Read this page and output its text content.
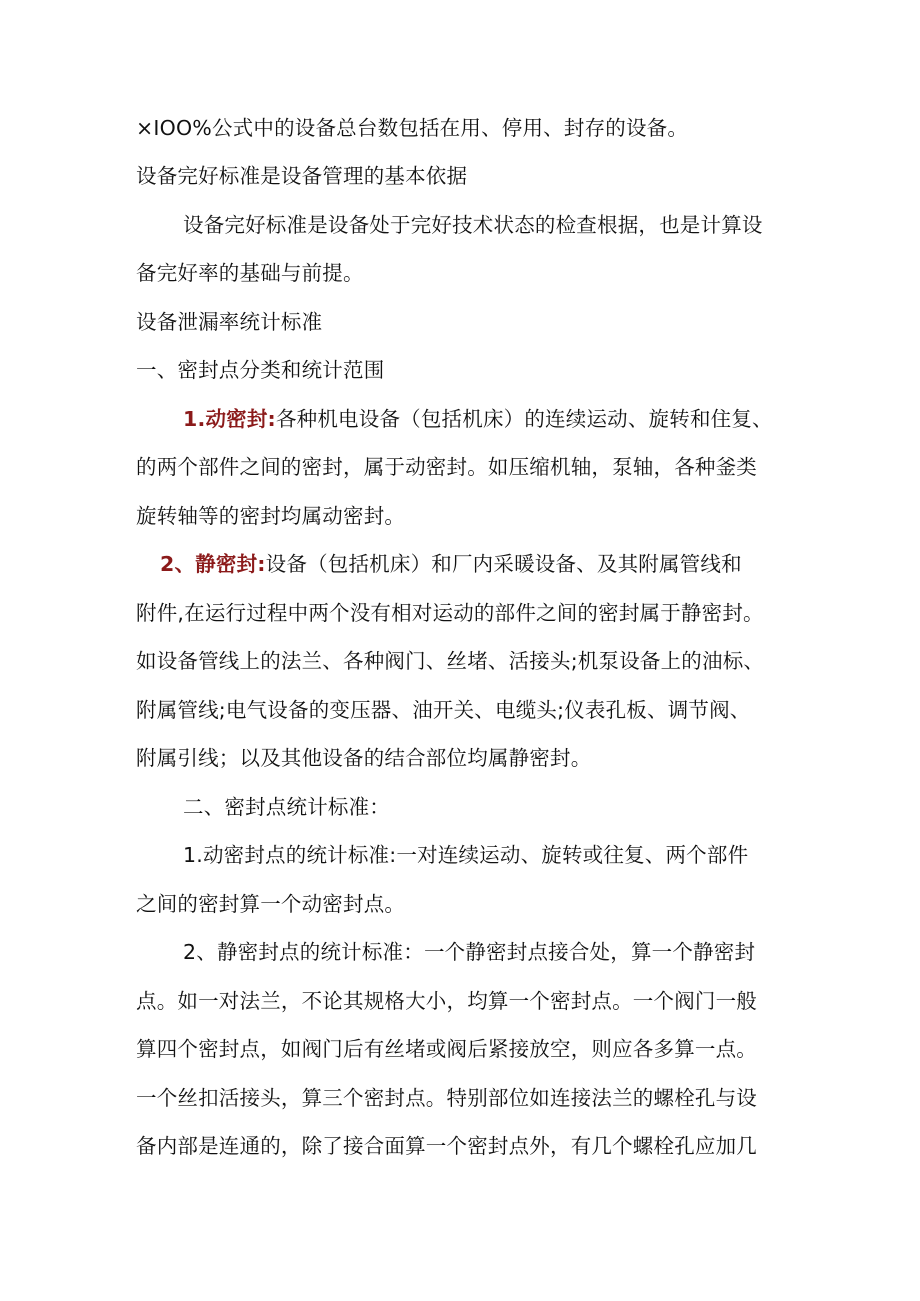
×IOO%公式中的设备总台数包括在用、停用、封存的设备。
设备完好标准是设备管理的基本依据
设备完好标准是设备处于完好技术状态的检查根据，也是计算设
备完好率的基础与前提。
设备泄漏率统计标准
一、密封点分类和统计范围
1.动密封:各种机电设备（包括机床）的连续运动、旋转和住复、
的两个部件之间的密封，属于动密封。如压缩机轴，泵轴，各种釜类
旋转轴等的密封均属动密封。
2、静密封:设备（包括机床）和厂内采暖设备、及其附属管线和
附件,在运行过程中两个没有相对运动的部件之间的密封属于静密封。
如设备管线上的法兰、各种阀门、丝堵、活接头;机泵设备上的油标、
附属管线;电气设备的变压器、油开关、电缆头;仪表孔板、调节阀、
附属引线；以及其他设备的结合部位均属静密封。
二、密封点统计标准：
1.动密封点的统计标准:一对连续运动、旋转或往复、两个部件
之间的密封算一个动密封点。
2、静密封点的统计标准：一个静密封点接合处，算一个静密封
点。如一对法兰，不论其规格大小，均算一个密封点。一个阀门一般
算四个密封点，如阀门后有丝堵或阀后紧接放空，则应各多算一点。
一个丝扣活接头，算三个密封点。特别部位如连接法兰的螺栓孔与设
备内部是连通的，除了接合面算一个密封点外，有几个螺栓孔应加几
